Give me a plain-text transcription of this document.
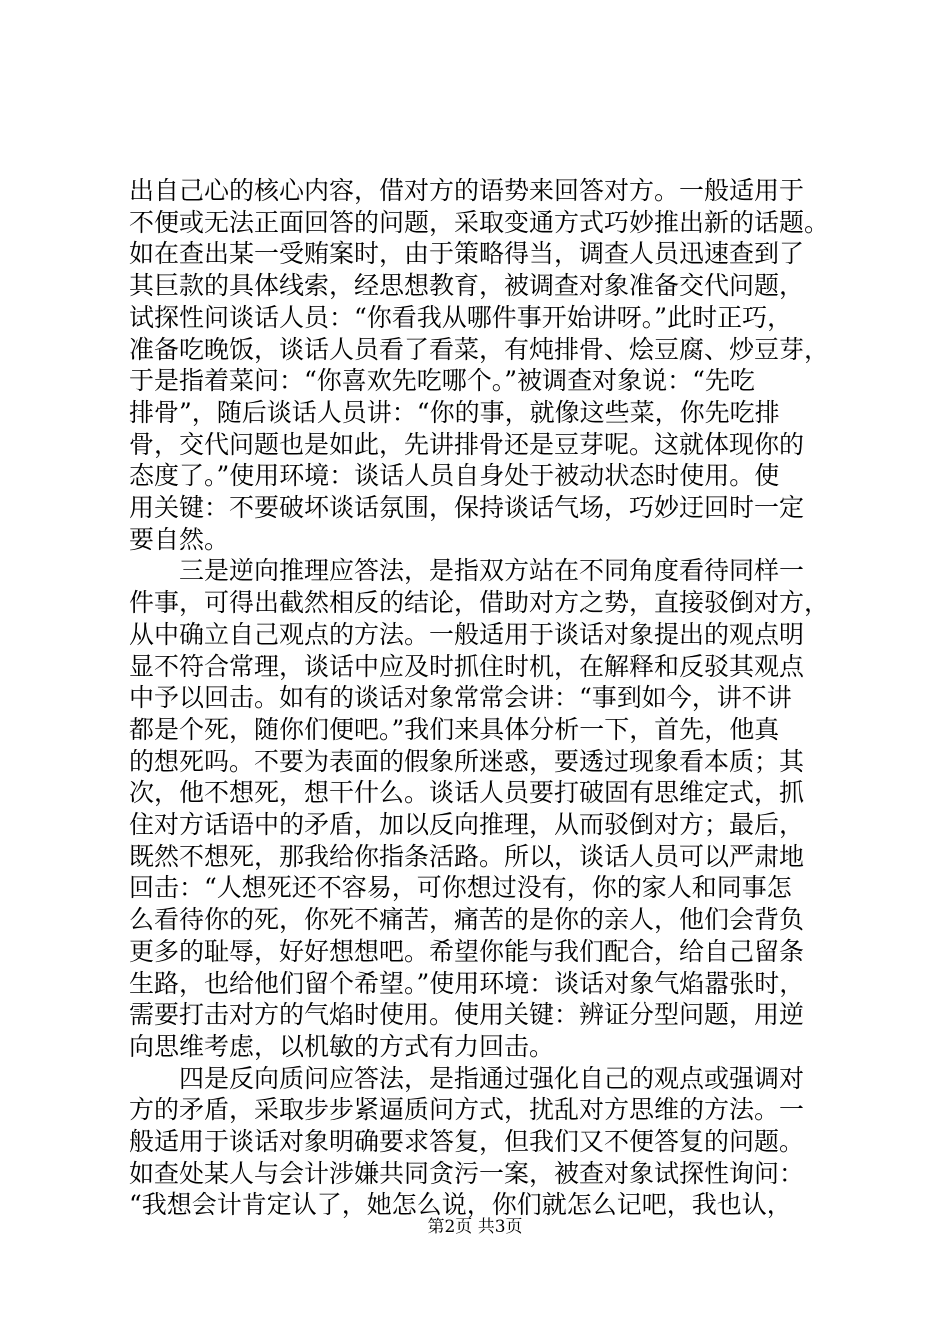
出自己心的核心内容，借对方的语势来回答对方。一般适用于
不便或无法正面回答的问题，采取变通方式巧妙推出新的话题。
如在查出某一受贿案时，由于策略得当，调查人员迅速查到了
其巨款的具体线索，经思想教育，被调查对象准备交代问题，
试探性问谈话人员：“你看我从哪件事开始讲呀。”此时正巧，
准备吃晚饭，谈话人员看了看菜，有炖排骨、烩豆腐、炒豆芽，
于是指着菜问：“你喜欢先吃哪个。”被调查对象说：“先吃
排骨”，随后谈话人员讲：“你的事，就像这些菜，你先吃排
骨，交代问题也是如此，先讲排骨还是豆芽呢。这就体现你的
态度了。”使用环境：谈话人员自身处于被动状态时使用。使
用关键：不要破坏谈话氛围，保持谈话气场，巧妙迂回时一定
要自然。
　　三是逆向推理应答法，是指双方站在不同角度看待同样一
件事，可得出截然相反的结论，借助对方之势，直接驳倒对方，
从中确立自己观点的方法。一般适用于谈话对象提出的观点明
显不符合常理，谈话中应及时抓住时机，在解释和反驳其观点
中予以回击。如有的谈话对象常常会讲：“事到如今，讲不讲
都是个死，随你们便吧。”我们来具体分析一下，首先，他真
的想死吗。不要为表面的假象所迷惑，要透过现象看本质；其
次，他不想死，想干什么。谈话人员要打破固有思维定式，抓
住对方话语中的矛盾，加以反向推理，从而驳倒对方；最后，
既然不想死，那我给你指条活路。所以，谈话人员可以严肃地
回击：“人想死还不容易，可你想过没有，你的家人和同事怎
么看待你的死，你死不痛苦，痛苦的是你的亲人，他们会背负
更多的耻辱，好好想想吧。希望你能与我们配合，给自己留条
生路，也给他们留个希望。”使用环境：谈话对象气焰嚣张时，
需要打击对方的气焰时使用。使用关键：辨证分型问题，用逆
向思维考虑，以机敏的方式有力回击。
　　四是反向质问应答法，是指通过强化自己的观点或强调对
方的矛盾，采取步步紧逼质问方式，扰乱对方思维的方法。一
般适用于谈话对象明确要求答复，但我们又不便答复的问题。
如查处某人与会计涉嫌共同贪污一案，被查对象试探性询问：
“我想会计肯定认了，她怎么说，你们就怎么记吧，我也认，
第2页 共3页
